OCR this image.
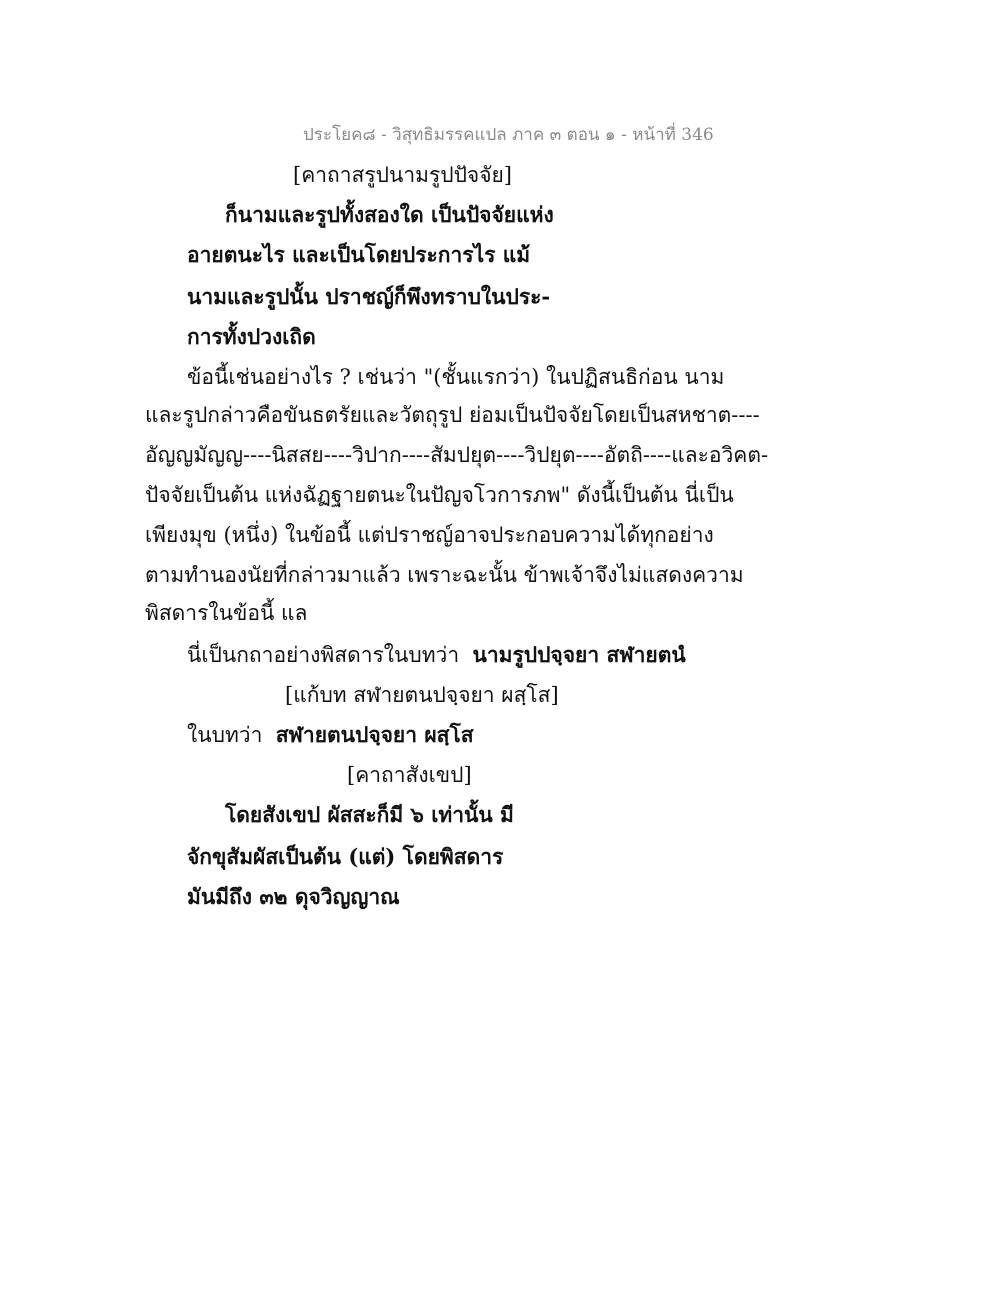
ประโยค๘ - วิสุทธิมรรคแปล ภาค ๓ ตอน ๑ - หน้าที่ 346
[คาถาสรูปนามรูปปัจจัย]
ก็นามและรูปทั้งสองใด เป็นปัจจัยแห่ง
อายตนะไร และเป็นโดยประการไร แม้
นามและรูปนั้น ปราชญ์ก็พึงทราบในประ-
การทั้งปวงเถิด
ข้อนี้เช่นอย่างไร ? เช่นว่า "(ชั้นแรกว่า) ในปฏิสนธิก่อน นาม
และรูปกล่าวคือขันธตรัยและวัตถุรูป ย่อมเป็นปัจจัยโดยเป็นสหชาต----
อัญญมัญญ----นิสสย----วิปาก----สัมปยุต----วิปยุต----อัตถิ----และอวิคต-
ปัจจัยเป็นต้น แห่งฉัฏฐายตนะในปัญจโวการภพ" ดังนี้เป็นต้น นี่เป็น
เพียงมุข (หนึ่ง) ในข้อนี้ แต่ปราชญ์อาจประกอบความได้ทุกอย่าง
ตามทำนองนัยที่กล่าวมาแล้ว เพราะฉะนั้น ข้าพเจ้าจึงไม่แสดงความ
พิสดารในข้อนี้ แล
นี่เป็นกถาอย่างพิสดารในบทว่า นามรูปปจฺจยา สฬายตนํ
[แก้บท สฬายตนปจฺจยา ผสฺโส]
ในบทว่า สฬายตนปจฺจยา ผสฺโส
[คาถาสังเขป]
โดยสังเขป ผัสสะก็มี ๖ เท่านั้น มี
จักขุสัมผัสเป็นต้น (แต่) โดยพิสดาร
มันมีถึง ๓๒ ดุจวิญญาณ
